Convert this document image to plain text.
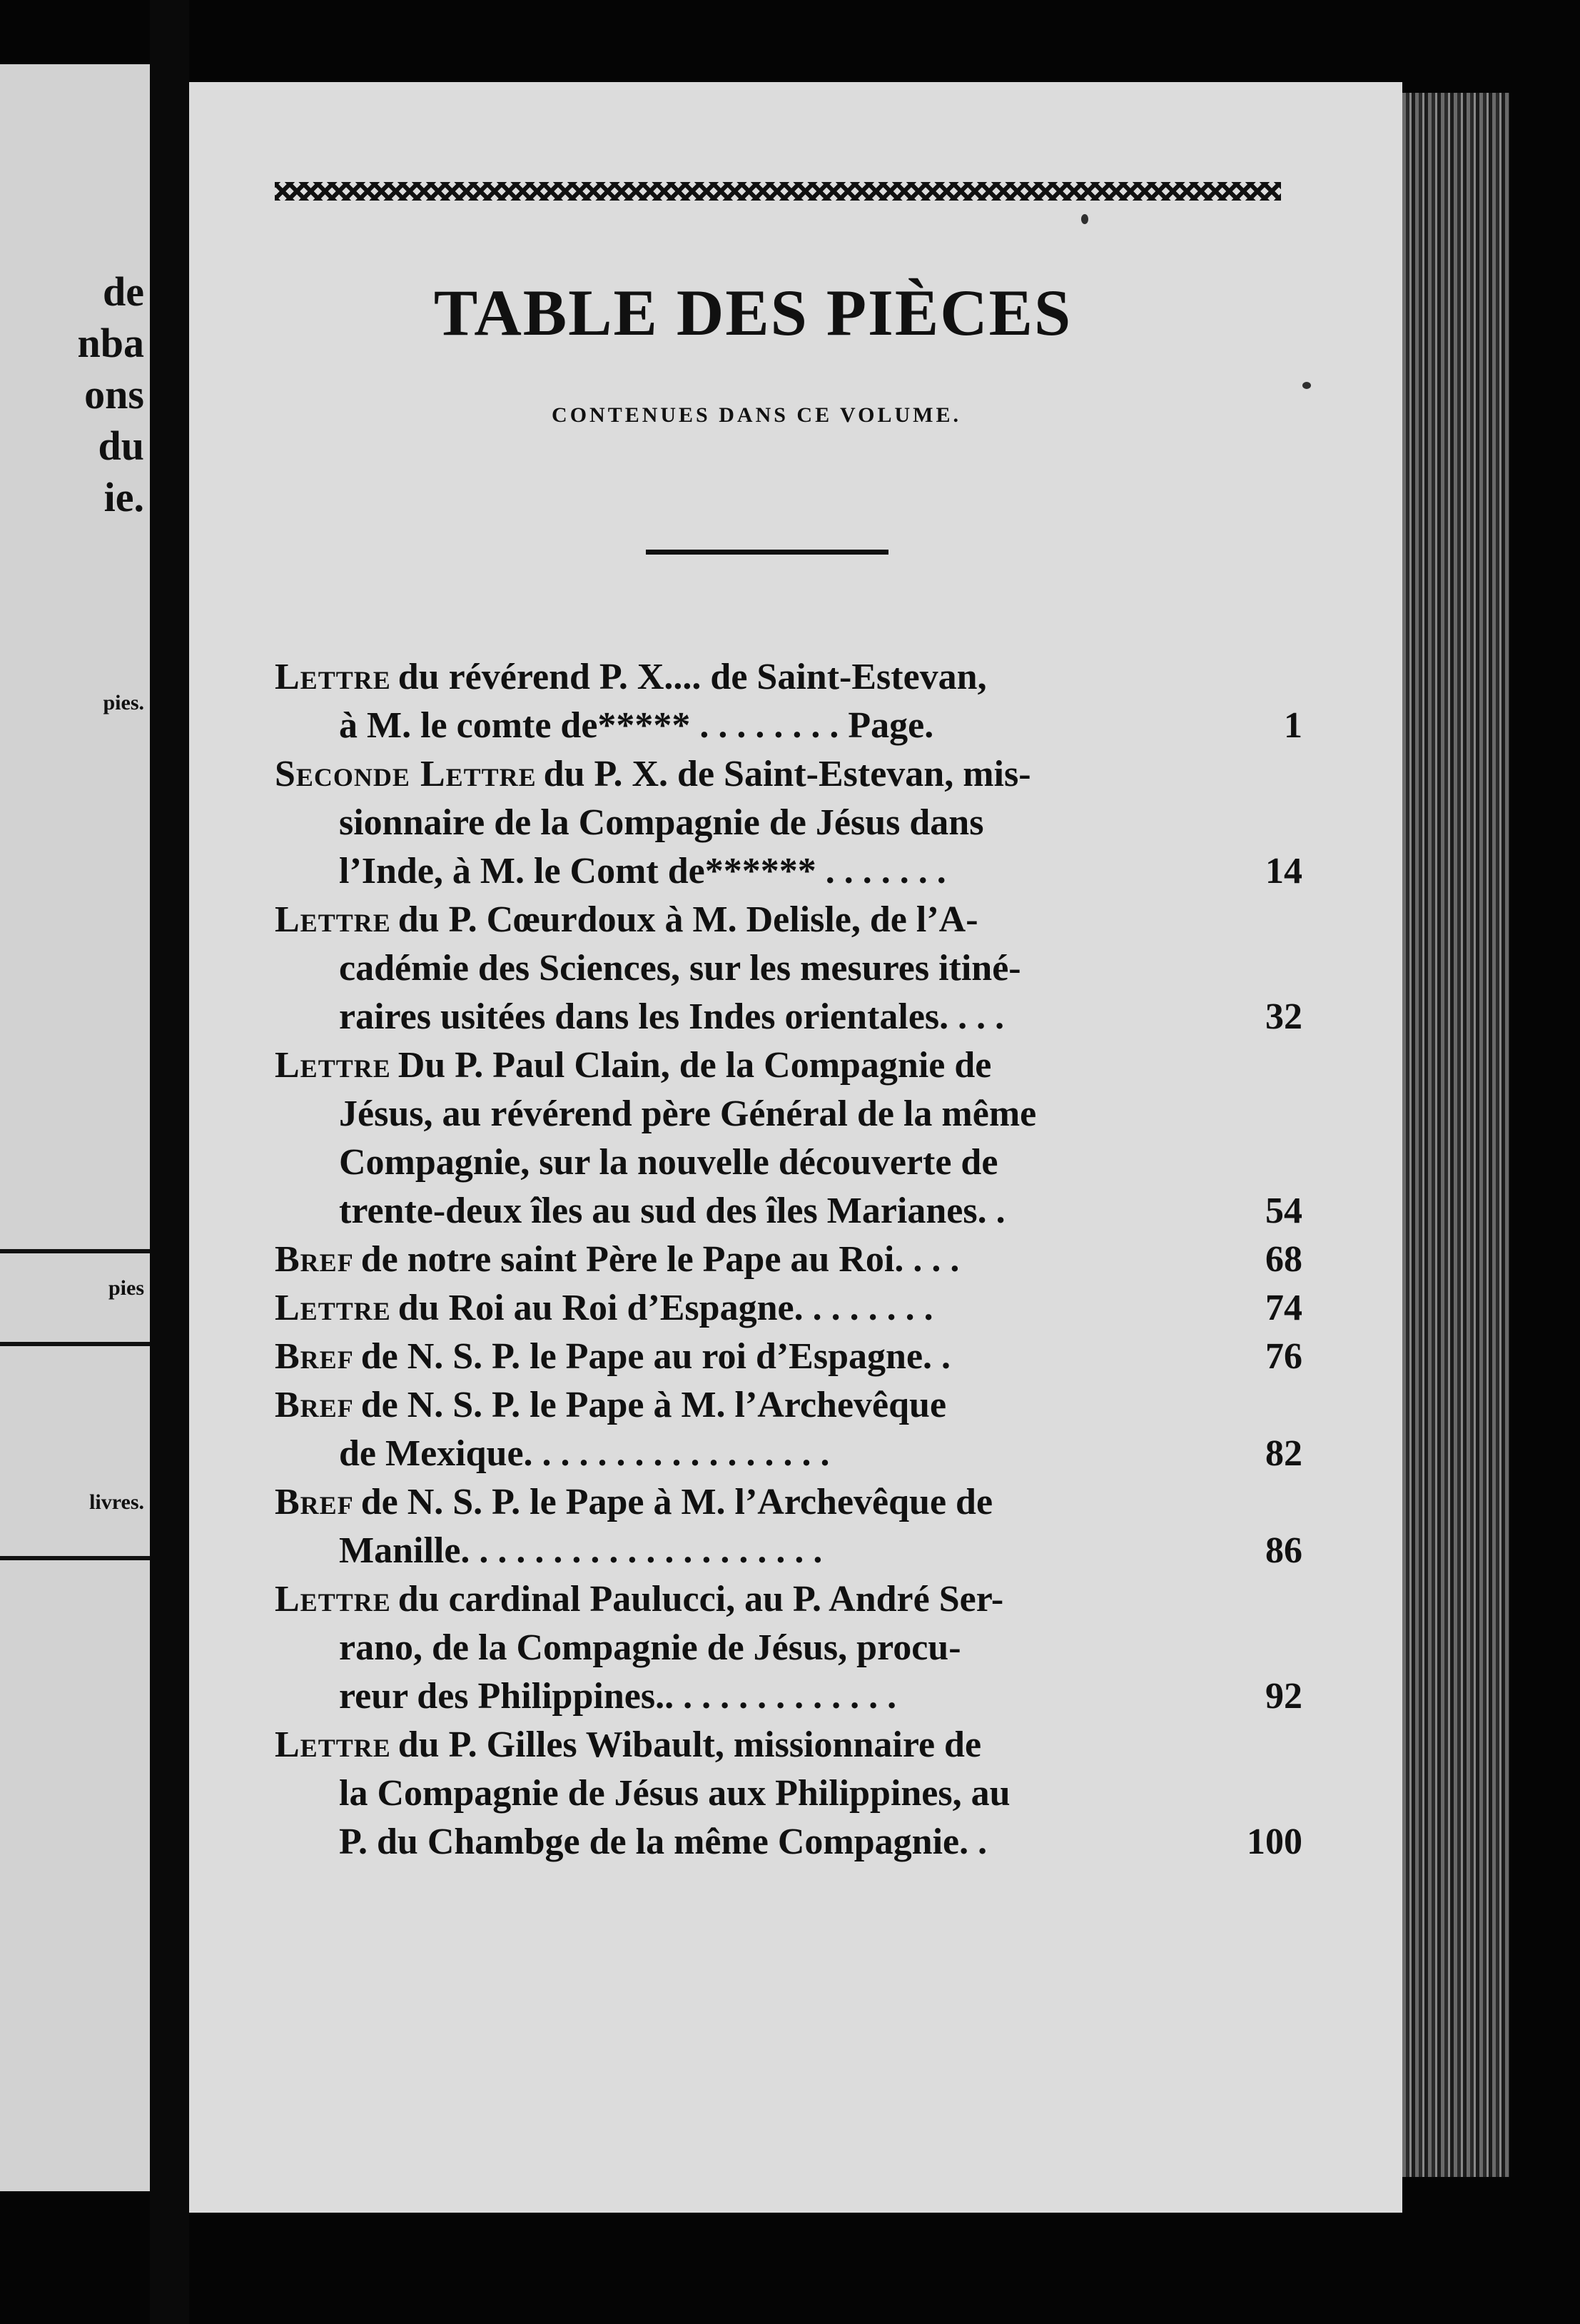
de
nba
ons
du
ie.
pies.
pies
livres.
TABLE DES PIÈCES
CONTENUES DANS CE VOLUME.
Lettre du révérend P. X.... de Saint-Estevan,
à M. le comte de***** . . . . . . . . Page.	1
Seconde Lettre du P. X. de Saint-Estevan, mis-
sionnaire de la Compagnie de Jésus dans
l’Inde, à M. le Comt de****** . . . . . . .	14
Lettre du P. Cœurdoux à M. Delisle, de l’A-
cadémie des Sciences, sur les mesures itiné-
raires usitées dans les Indes orientales. . . .	32
Lettre Du P. Paul Clain, de la Compagnie de
Jésus, au révérend père Général de la même
Compagnie, sur la nouvelle découverte de
trente-deux îles au sud des îles Marianes. .	54
Bref de notre saint Père le Pape au Roi. . . .	68
Lettre du Roi au Roi d’Espagne. . . . . . . .	74
Bref de N. S. P. le Pape au roi d’Espagne. .	76
Bref de N. S. P. le Pape à M. l’Archevêque
de Mexique. . . . . . . . . . . . . . . . .	82
Bref de N. S. P. le Pape à M. l’Archevêque de
Manille. . . . . . . . . . . . . . . . . . . .	86
Lettre du cardinal Paulucci, au P. André Ser-
rano, de la Compagnie de Jésus, procu-
reur des Philippines.. . . . . . . . . . . . .	92
Lettre du P. Gilles Wibault, missionnaire de
la Compagnie de Jésus aux Philippines, au
P. du Chambge de la même Compagnie. .	100
